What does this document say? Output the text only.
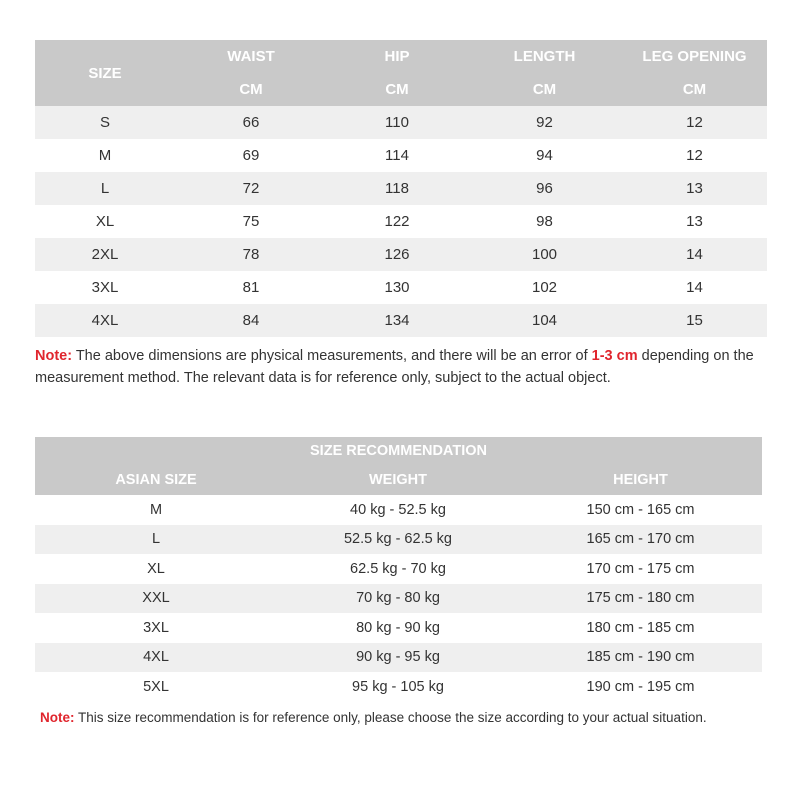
SIZE	WAIST	HIP	LENGTH	LEG OPENING
	CM	CM	CM	CM
S	66	110	92	12
M	69	114	94	12
L	72	118	96	13
XL	75	122	98	13
2XL	78	126	100	14
3XL	81	130	102	14
4XL	84	134	104	15
Note: The above dimensions are physical measurements, and there will be an error of 1-3 cm depending on the measurement method. The relevant data is for reference only, subject to the actual object.
SIZE RECOMMENDATION		
ASIAN SIZE	WEIGHT	HEIGHT
M	40 kg - 52.5 kg	150 cm - 165 cm
L	52.5 kg - 62.5 kg	165 cm - 170 cm
XL	62.5 kg - 70 kg	170 cm - 175 cm
XXL	70 kg - 80 kg	175 cm - 180 cm
3XL	80 kg - 90 kg	180 cm - 185 cm
4XL	90 kg - 95 kg	185 cm - 190 cm
5XL	95 kg - 105 kg	190 cm - 195 cm
Note: This size recommendation is for reference only, please choose the size according to your actual situation.
